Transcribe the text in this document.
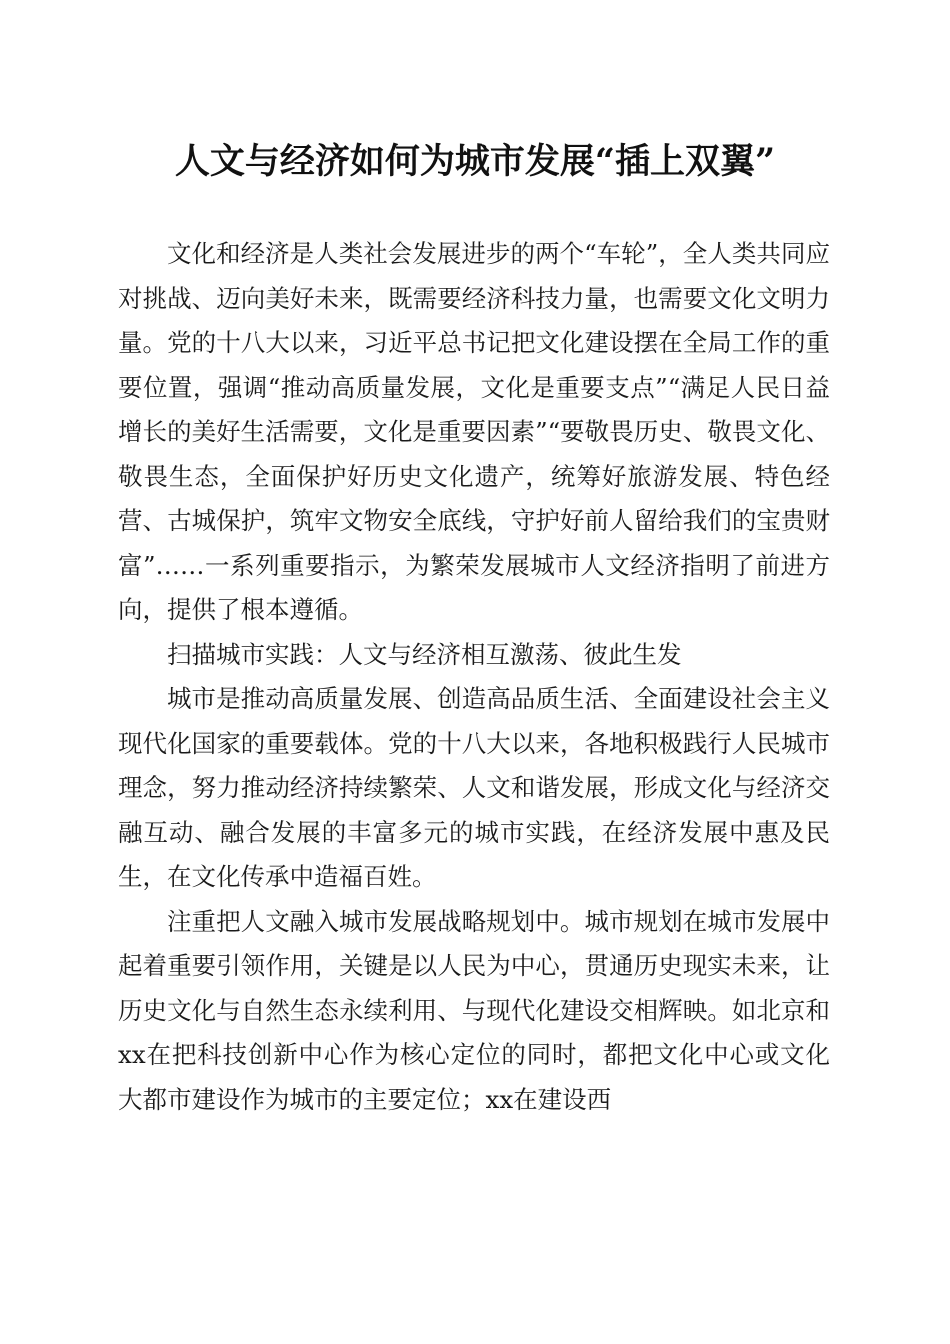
人文与经济如何为城市发展“插上双翼”

文化和经济是人类社会发展进步的两个“车轮”，全人类共同应对挑战、迈向美好未来，既需要经济科技力量，也需要文化文明力量。党的十八大以来，习近平总书记把文化建设摆在全局工作的重要位置，强调“推动高质量发展，文化是重要支点”“满足人民日益增长的美好生活需要，文化是重要因素”“要敬畏历史、敬畏文化、敬畏生态，全面保护好历史文化遗产，统筹好旅游发展、特色经营、古城保护，筑牢文物安全底线，守护好前人留给我们的宝贵财富”……一系列重要指示，为繁荣发展城市人文经济指明了前进方向，提供了根本遵循。

扫描城市实践：人文与经济相互激荡、彼此生发

城市是推动高质量发展、创造高品质生活、全面建设社会主义现代化国家的重要载体。党的十八大以来，各地积极践行人民城市理念，努力推动经济持续繁荣、人文和谐发展，形成文化与经济交融互动、融合发展的丰富多元的城市实践，在经济发展中惠及民生，在文化传承中造福百姓。

注重把人文融入城市发展战略规划中。城市规划在城市发展中起着重要引领作用，关键是以人民为中心，贯通历史现实未来，让历史文化与自然生态永续利用、与现代化建设交相辉映。如北京和xx在把科技创新中心作为核心定位的同时，都把文化中心或文化大都市建设作为城市的主要定位；xx在建设西
